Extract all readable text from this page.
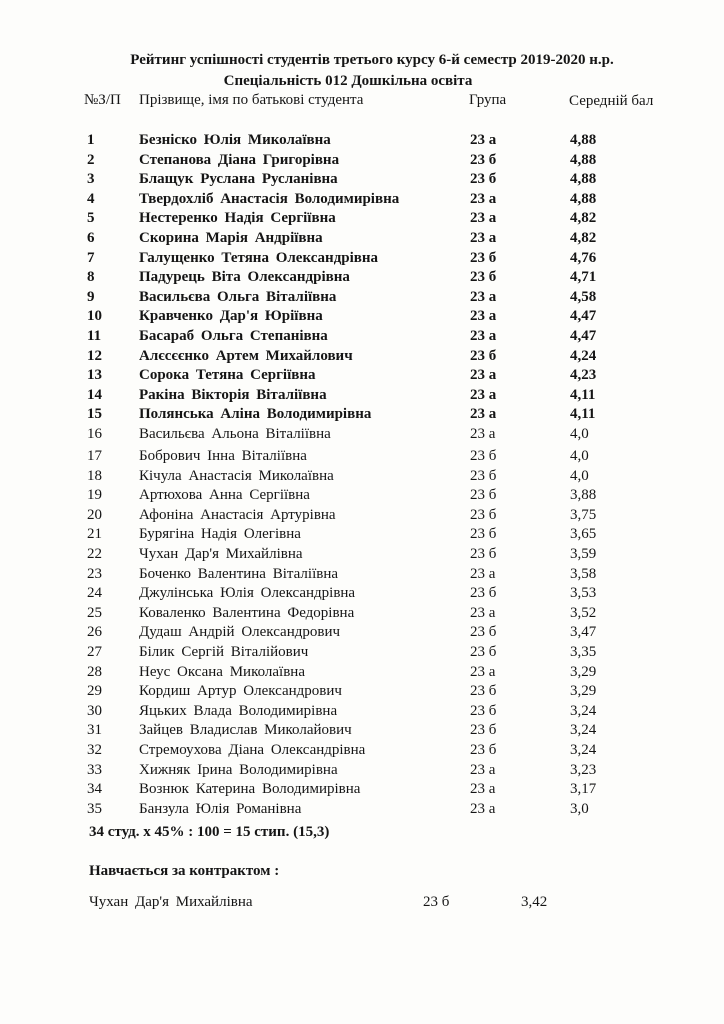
Рейтинг успішності студентів третього курсу 6-й семестр 2019-2020 н.р.
Спеціальність 012 Дошкільна освіта
№З/П Прізвище, імя по батькові студента	Група	Середній бал
1	Безніско Юлія Миколаївна	23 а	4,88
2	Степанова Діана Григорівна	23 б	4,88
3	Блащук Руслана Русланівна	23 б	4,88
4	Твердохліб Анастасія Володимирівна	23 а	4,88
5	Нестеренко Надія Сергіївна	23 а	4,82
6	Скорина Марія Андріївна	23 а	4,82
7	Галущенко Тетяна Олександрівна	23 б	4,76
8	Падурець Віта Олександрівна	23 б	4,71
9	Васильєва Ольга Віталіївна	23 а	4,58
10 Кравченко Дар'я Юріївна	23 а	4,47
11	Басараб Ольга Степанівна	23 а	4,47
12 Алєсєєнко Артем Михайлович	23 б	4,24
13 Сорока Тетяна Сергіївна	23 а	4,23
14 Ракіна Вікторія Віталіївна	23 а	4,11
15 Полянська Аліна Володимирівна	23 а	4,11
16 Васильєва Альона Віталіївна	23 а	4,0
17 Бобрович Інна Віталіївна	23 б	4,0
18 Кічула Анастасія Миколаївна	23 б	4,0
19 Артюхова Анна Сергіївна	23 б	3,88
20 Афоніна Анастасія Артурівна	23 б	3,75
21 Бурягіна Надія Олегівна	23 б	3,65
22 Чухан Дар'я Михайлівна	23 б	3,59
23 Боченко Валентина Віталіївна	23 а	3,58
24 Джулінська Юлія Олександрівна	23 б	3,53
25 Коваленко Валентина Федорівна	23 а	3,52
26 Дудаш Андрій Олександрович	23 б	3,47
27 Білик Сергій Віталійович	23 б	3,35
28 Неус Оксана Миколаївна	23 а	3,29
29 Кордиш Артур Олександрович	23 б	3,29
30 Яцьких Влада Володимирівна	23 б	3,24
31 Зайцев Владислав Миколайович	23 б	3,24
32 Стремоухова Діана Олександрівна	23 б	3,24
33 Хижняк Ірина Володимирівна	23 а	3,23
34 Вознюк Катерина Володимирівна	23 а	3,17
35 Банзула Юлія Романівна	23 а	3,0
34 студ. х 45% : 100 = 15 стип. (15,3)
Навчається за контрактом :
Чухан Дар'я Михайлівна	23 б	3,42
